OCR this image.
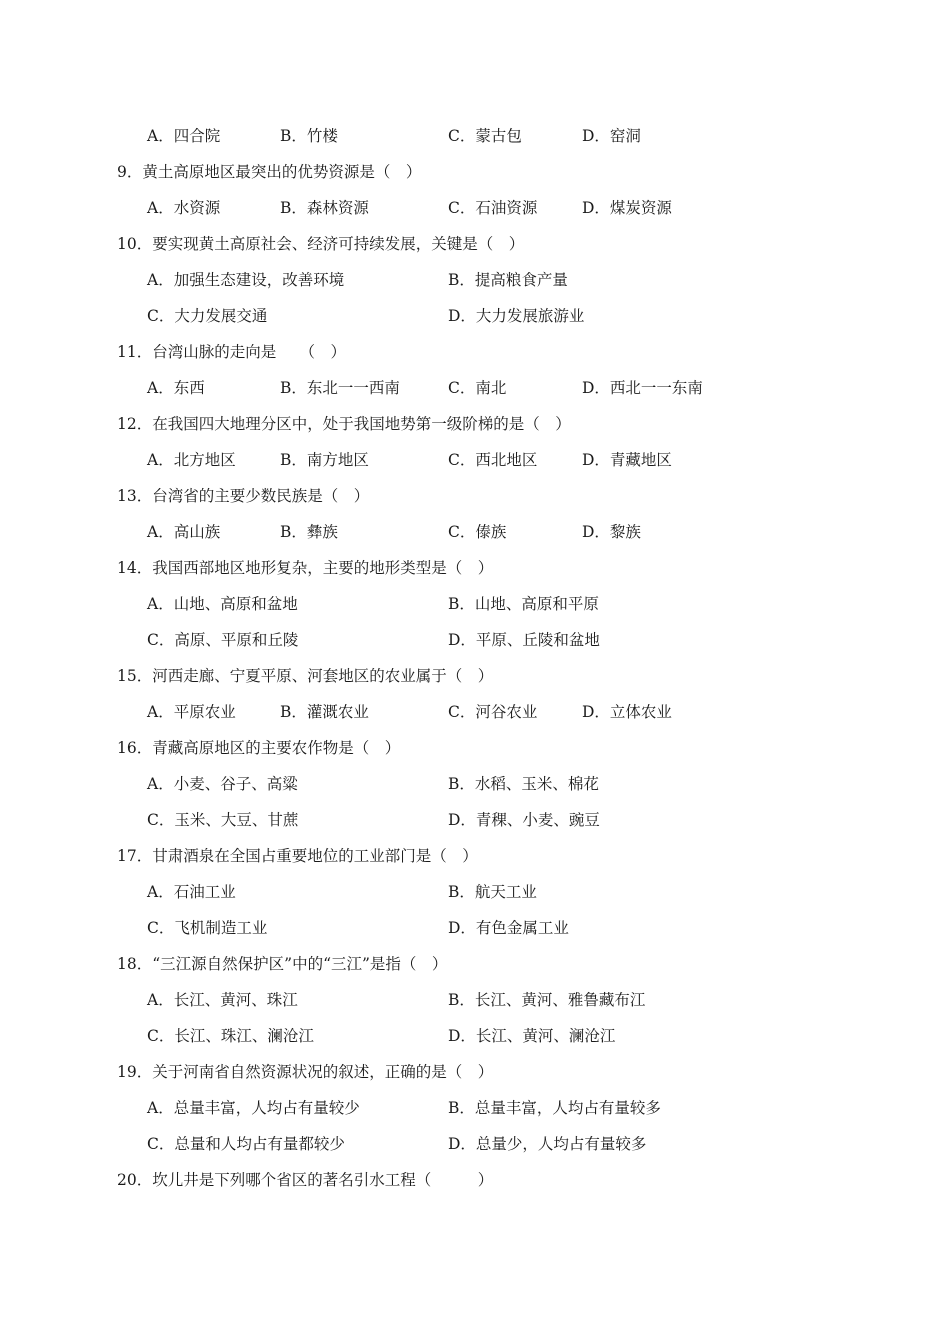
A．四合院	B．竹楼	C．蒙古包	D．窑洞
9．黄土高原地区最突出的优势资源是（　）
A．水资源	B．森林资源	C．石油资源	D．煤炭资源
10．要实现黄土高原社会、经济可持续发展，关键是（　）
A．加强生态建设，改善环境	B．提高粮食产量
C．大力发展交通	D．大力发展旅游业
11．台湾山脉的走向是　　（　）
A．东西	B．东北一一西南	C．南北	D．西北一一东南
12．在我国四大地理分区中，处于我国地势第一级阶梯的是（　）
A．北方地区	B．南方地区	C．西北地区	D．青藏地区
13．台湾省的主要少数民族是（　）
A．高山族	B．彝族	C．傣族	D．黎族
14．我国西部地区地形复杂，主要的地形类型是（　）
A．山地、高原和盆地	B．山地、高原和平原
C．高原、平原和丘陵	D．平原、丘陵和盆地
15．河西走廊、宁夏平原、河套地区的农业属于（　）
A．平原农业	B．灌溉农业	C．河谷农业	D．立体农业
16．青藏高原地区的主要农作物是（　）
A．小麦、谷子、高粱	B．水稻、玉米、棉花
C．玉米、大豆、甘蔗	D．青稞、小麦、豌豆
17．甘肃酒泉在全国占重要地位的工业部门是（　）
A．石油工业	B．航天工业
C．飞机制造工业	D．有色金属工业
18．“三江源自然保护区”中的“三江”是指（　）
A．长江、黄河、珠江	B．长江、黄河、雅鲁藏布江
C．长江、珠江、澜沧江	D．长江、黄河、澜沧江
19．关于河南省自然资源状况的叙述，正确的是（　）
A．总量丰富，人均占有量较少	B．总量丰富，人均占有量较多
C．总量和人均占有量都较少	D．总量少，人均占有量较多
20．坎儿井是下列哪个省区的著名引水工程（　　　）
